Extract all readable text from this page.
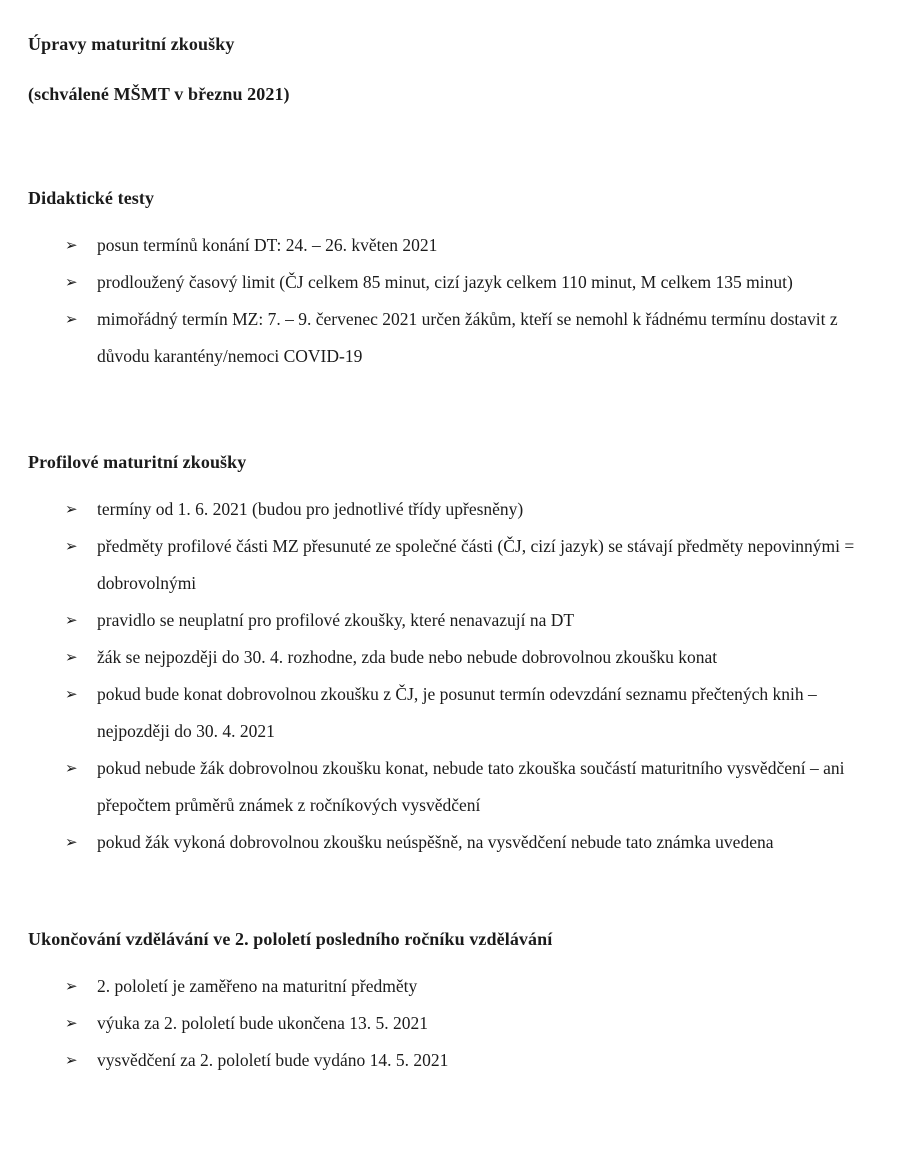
Úpravy maturitní zkoušky
(schválené MŠMT v březnu 2021)
Didaktické testy
➢	posun termínů konání DT: 24. – 26. květen 2021
➢	prodloužený časový limit (ČJ celkem 85 minut, cizí jazyk celkem 110 minut, M celkem 135 minut)
➢	mimořádný termín MZ: 7. – 9. červenec 2021 určen žákům, kteří se nemohl k řádnému termínu dostavit z důvodu karantény/nemoci COVID-19
Profilové maturitní zkoušky
➢	termíny od 1. 6. 2021 (budou pro jednotlivé třídy upřesněny)
➢	předměty profilové části MZ přesunuté ze společné části (ČJ, cizí jazyk) se stávají předměty nepovinnými = dobrovolnými
➢	pravidlo se neuplatní pro profilové zkoušky, které nenavazují na DT
➢	žák se nejpozději do 30. 4. rozhodne, zda bude nebo nebude dobrovolnou zkoušku konat
➢	pokud bude konat dobrovolnou zkoušku z ČJ, je posunut termín odevzdání seznamu přečtených knih – nejpozději do 30. 4. 2021
➢	pokud nebude žák dobrovolnou zkoušku konat, nebude tato zkouška součástí maturitního vysvědčení – ani přepočtem průměrů známek z ročníkových vysvědčení
➢	pokud žák vykoná dobrovolnou zkoušku neúspěšně, na vysvědčení nebude tato známka uvedena
Ukončování vzdělávání ve 2. pololetí posledního ročníku vzdělávání
➢	2. pololetí je zaměřeno na maturitní předměty
➢	výuka za 2. pololetí bude ukončena 13. 5. 2021
➢	vysvědčení za 2. pololetí bude vydáno 14. 5. 2021
